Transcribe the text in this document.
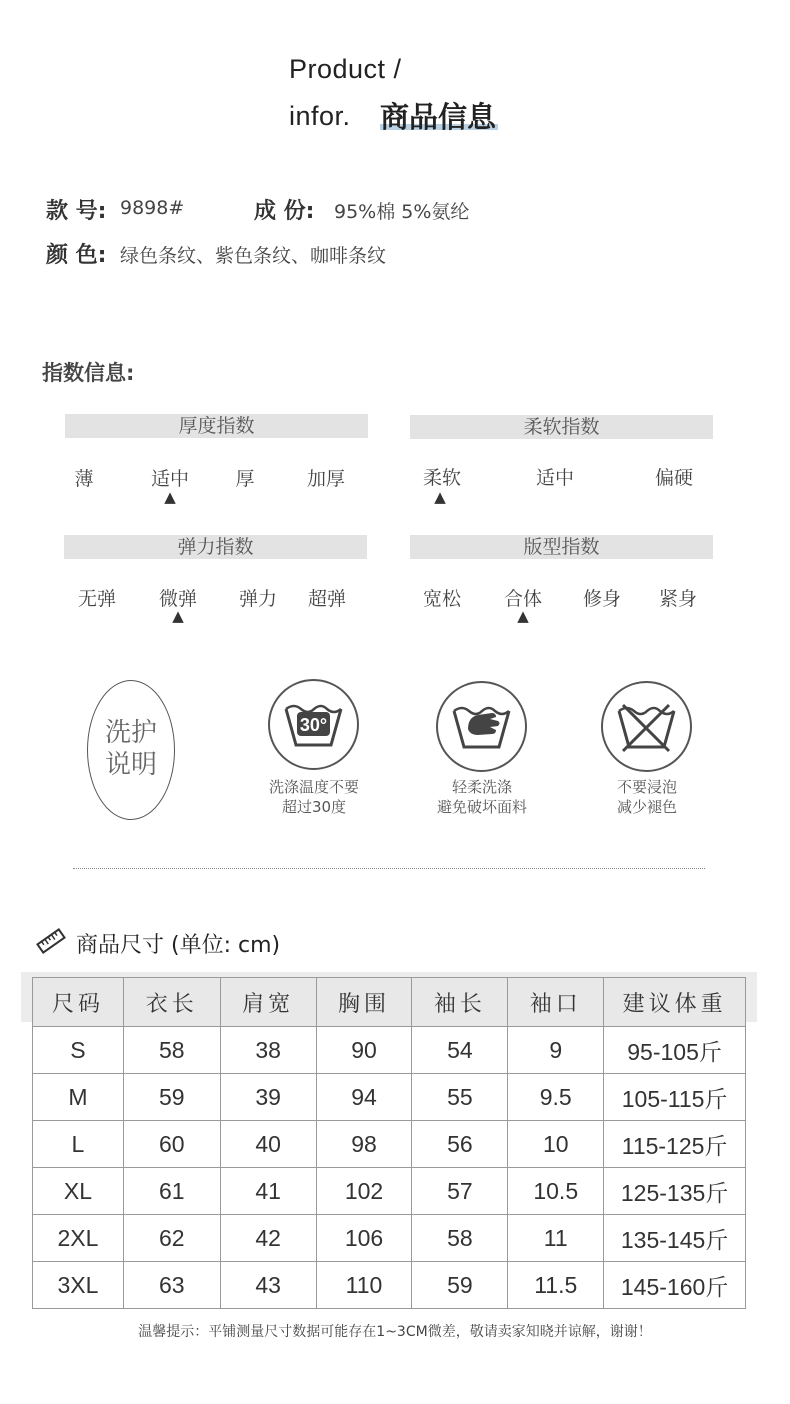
Product /
infor. 商品信息
款 号: 9898#	成 份: 95%棉 5%氨纶
颜 色: 绿色条纹、紫色条纹、咖啡条纹
指数信息:
厚度指数
薄	适中	厚	加厚
▲
柔软指数
柔软	适中	偏硬
▲
弹力指数
无弹	微弹	弹力	超弹
▲
版型指数
宽松	合体	修身	紧身
▲
洗护
说明
30°
洗涤温度不要
超过30度
轻柔洗涤
避免破坏面料
不要浸泡
减少褪色
商品尺寸 (单位: cm)
尺码	衣长	肩宽	胸围	袖长	袖口	建议体重
S	58	38	90	54	9	95-105斤
M	59	39	94	55	9.5	105-115斤
L	60	40	98	56	10	115-125斤
XL	61	41	102	57	10.5	125-135斤
2XL	62	42	106	58	11	135-145斤
3XL	63	43	110	59	11.5	145-160斤
温馨提示：平铺测量尺寸数据可能存在1~3CM微差，敬请卖家知晓并谅解，谢谢！
